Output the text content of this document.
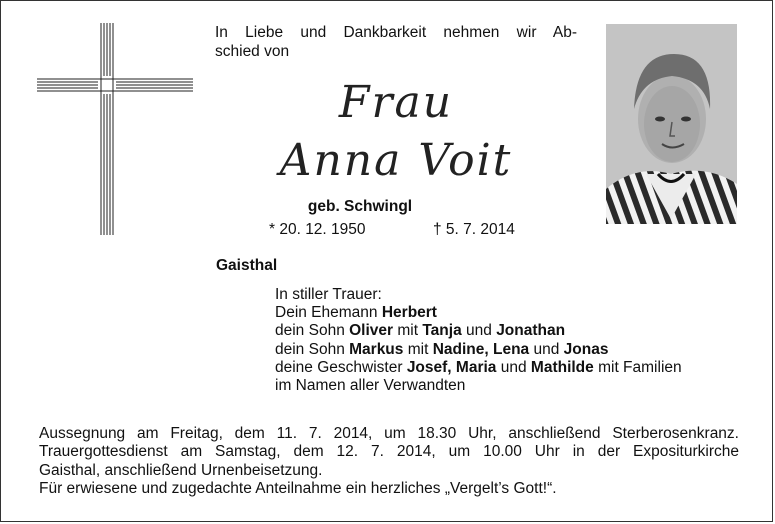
In Liebe und Dankbarkeit nehmen wir Ab-
schied von
Frau
Anna Voit
geb. Schwingl
* 20. 12. 1950	† 5. 7. 2014
Gaisthal
In stiller Trauer:
Dein Ehemann Herbert
dein Sohn Oliver mit Tanja und Jonathan
dein Sohn Markus mit Nadine, Lena und Jonas
deine Geschwister Josef, Maria und Mathilde mit Familien
im Namen aller Verwandten
Aussegnung am Freitag, dem 11. 7. 2014, um 18.30 Uhr, anschließend Sterberosenkranz.
Trauergottesdienst am Samstag, dem 12. 7. 2014, um 10.00 Uhr in der Expositurkirche
Gaisthal, anschließend Urnenbeisetzung.
Für erwiesene und zugedachte Anteilnahme ein herzliches „Vergelt’s Gott!“.
